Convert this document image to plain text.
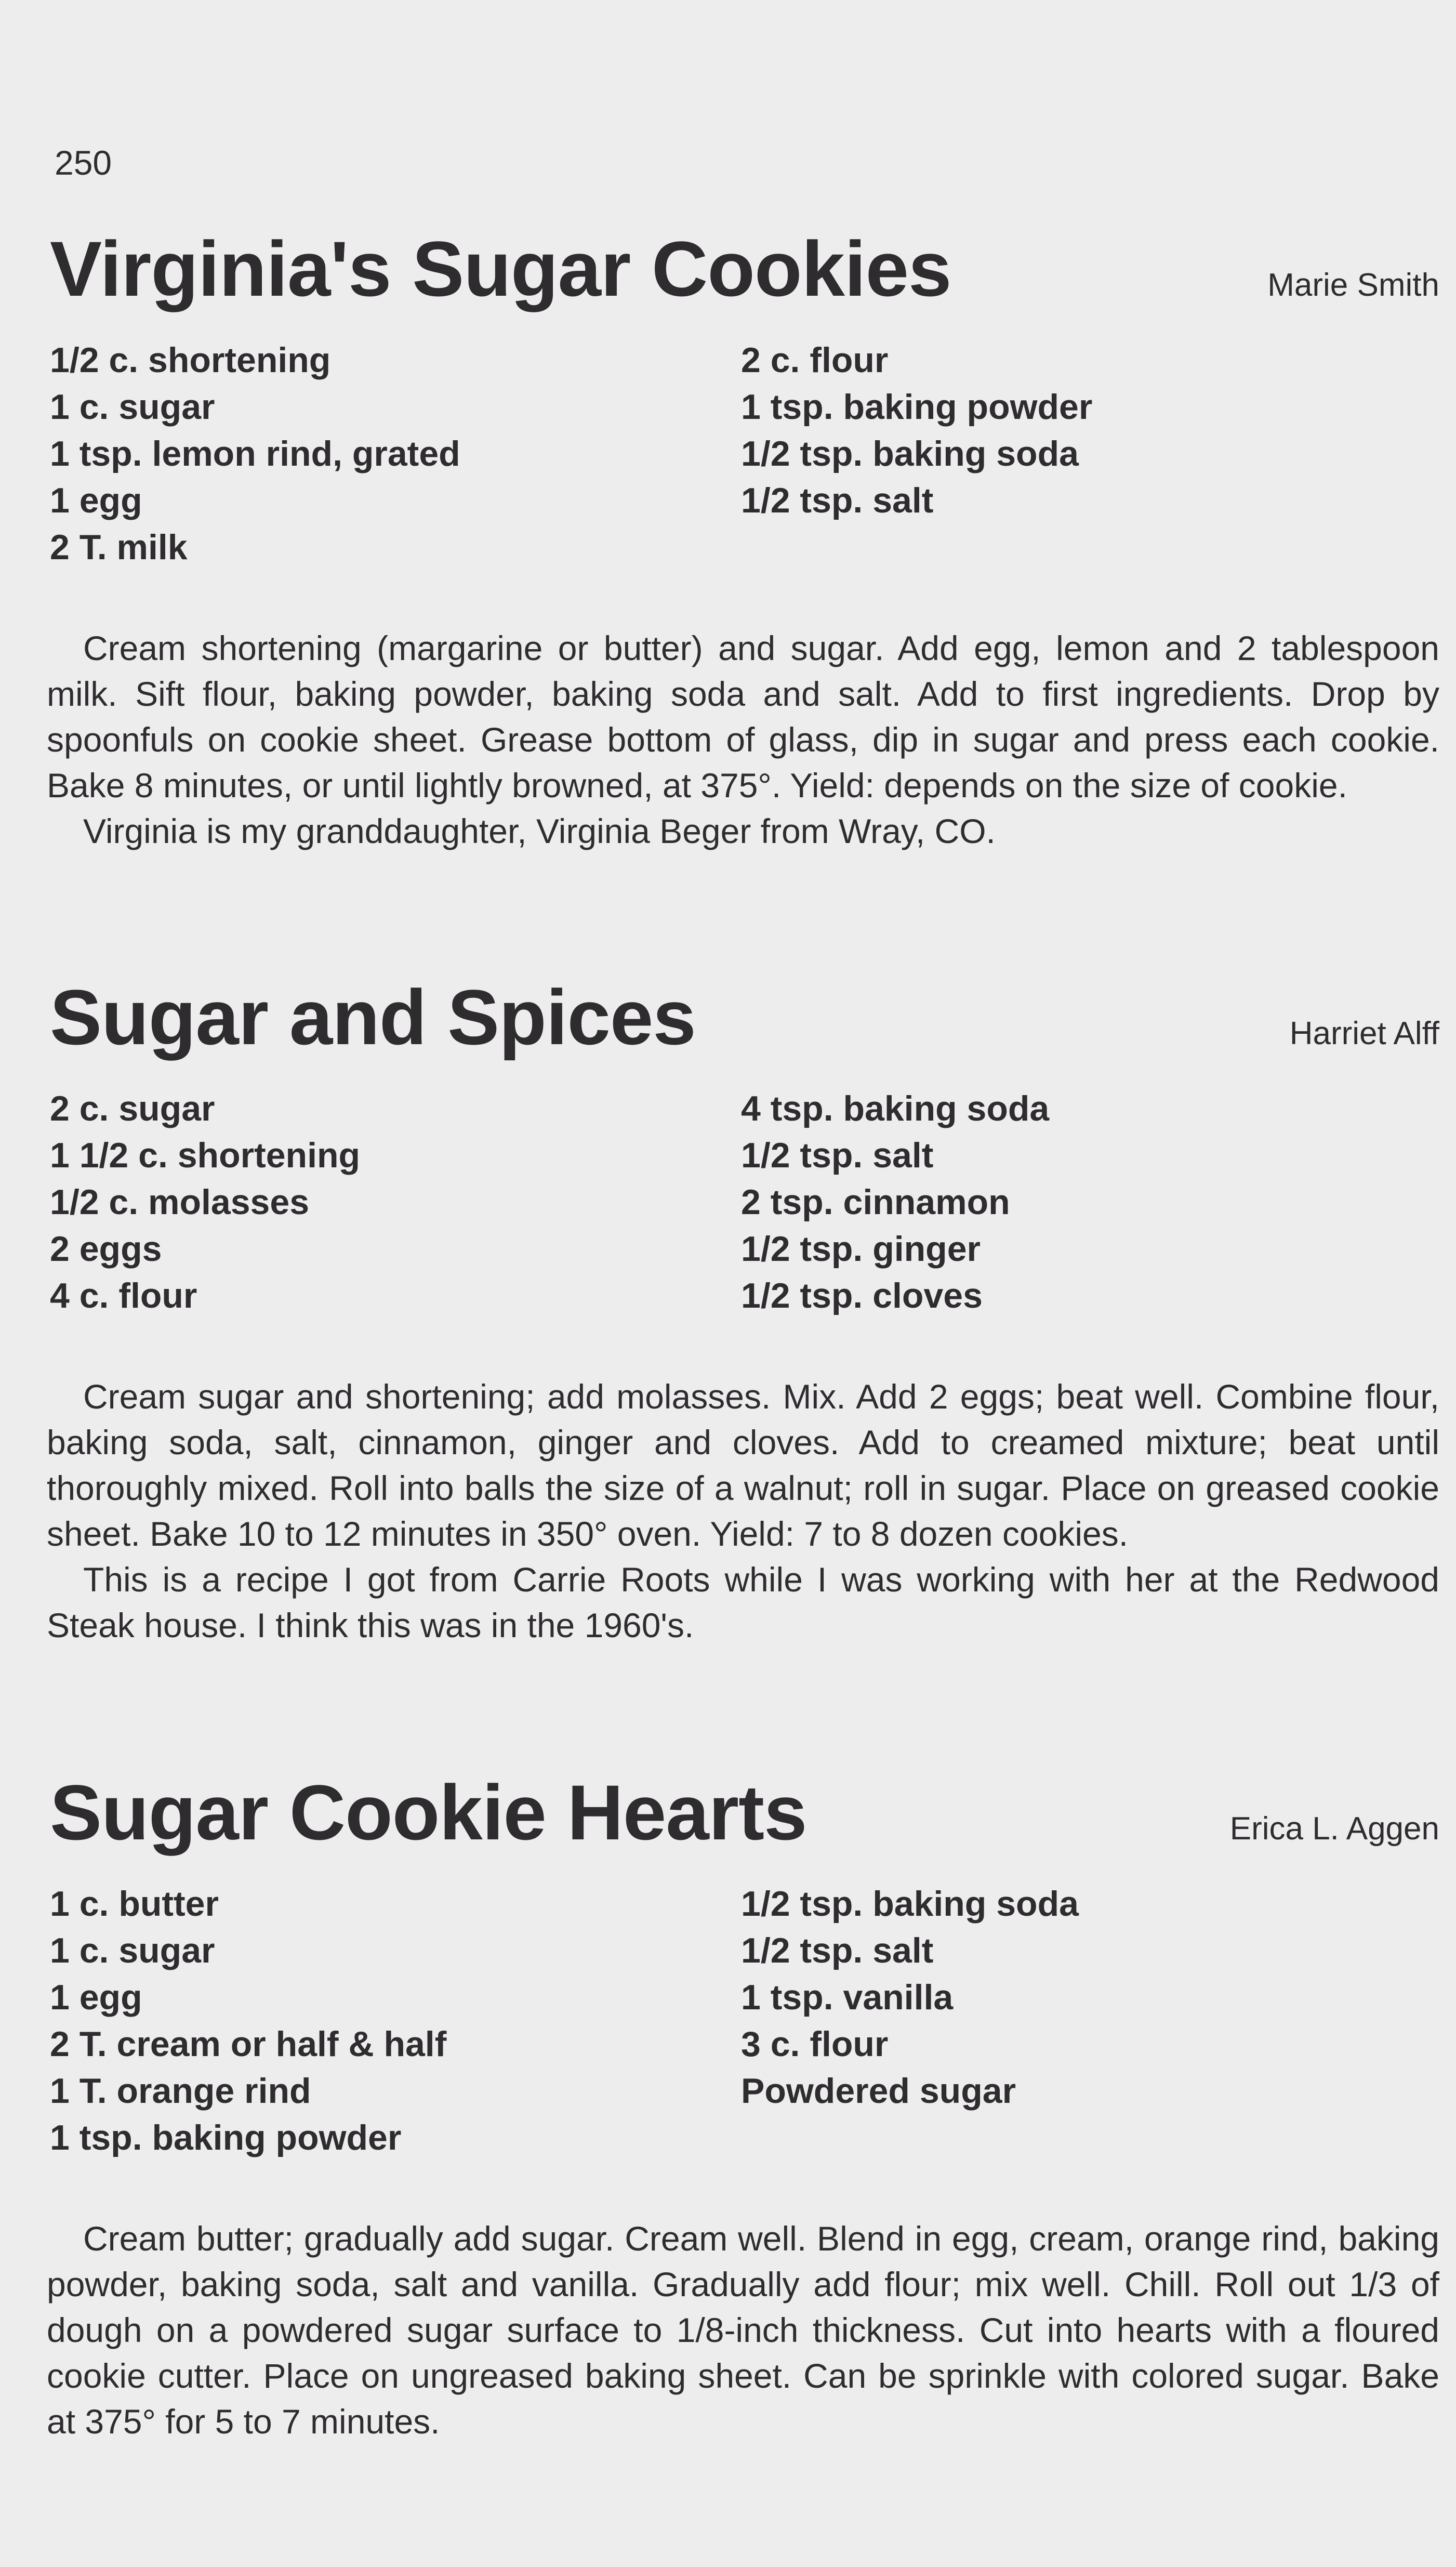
250
Virginia's Sugar Cookies	Marie Smith
1/2 c. shortening
1 c. sugar
1 tsp. lemon rind, grated
1 egg
2 T. milk
2 c. flour
1 tsp. baking powder
1/2 tsp. baking soda
1/2 tsp. salt

Cream shortening (margarine or butter) and sugar. Add egg, lemon and 2 tablespoon milk. Sift flour, baking powder, baking soda and salt. Add to first ingredients. Drop by spoonfuls on cookie sheet. Grease bottom of glass, dip in sugar and press each cookie. Bake 8 minutes, or until lightly browned, at 375°. Yield: depends on the size of cookie.

Virginia is my granddaughter, Virginia Beger from Wray, CO.

Sugar and Spices	Harriet Alff
2 c. sugar
1 1/2 c. shortening
1/2 c. molasses
2 eggs
4 c. flour
4 tsp. baking soda
1/2 tsp. salt
2 tsp. cinnamon
1/2 tsp. ginger
1/2 tsp. cloves

Cream sugar and shortening; add molasses. Mix. Add 2 eggs; beat well. Combine flour, baking soda, salt, cinnamon, ginger and cloves. Add to creamed mixture; beat until thoroughly mixed. Roll into balls the size of a walnut; roll in sugar. Place on greased cookie sheet. Bake 10 to 12 minutes in 350° oven. Yield: 7 to 8 dozen cookies.

This is a recipe I got from Carrie Roots while I was working with her at the Redwood Steak house. I think this was in the 1960's.

Sugar Cookie Hearts	Erica L. Aggen
1 c. butter
1 c. sugar
1 egg
2 T. cream or half & half
1 T. orange rind
1 tsp. baking powder
1/2 tsp. baking soda
1/2 tsp. salt
1 tsp. vanilla
3 c. flour
Powdered sugar

Cream butter; gradually add sugar. Cream well. Blend in egg, cream, orange rind, baking powder, baking soda, salt and vanilla. Gradually add flour; mix well. Chill. Roll out 1/3 of dough on a powdered sugar surface to 1/8-inch thickness. Cut into hearts with a floured cookie cutter. Place on ungreased baking sheet. Can be sprinkle with colored sugar. Bake at 375° for 5 to 7 minutes.
